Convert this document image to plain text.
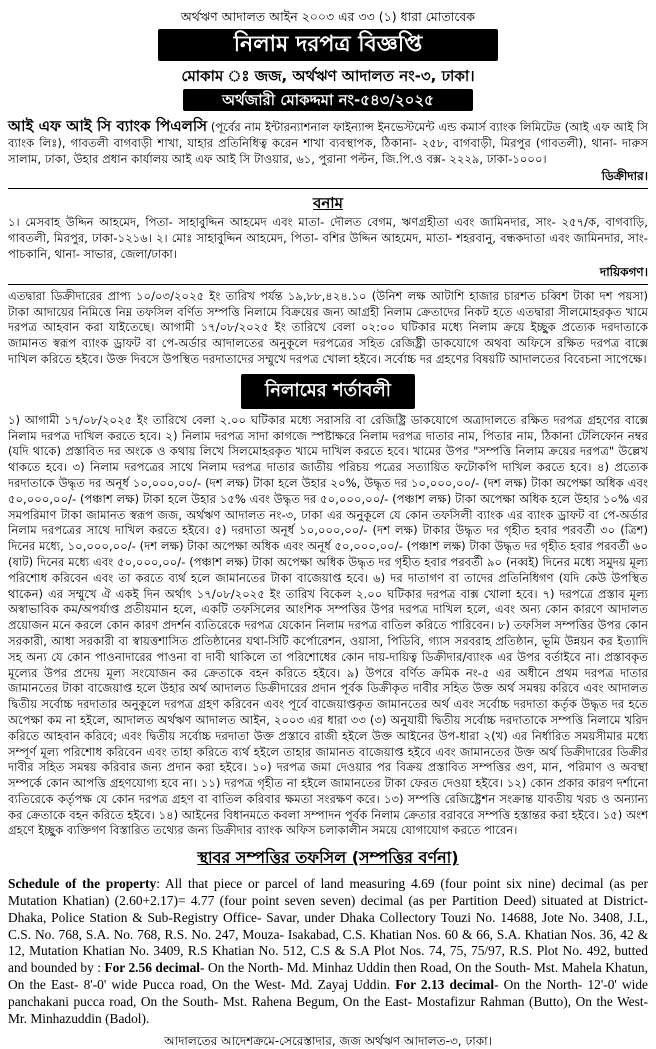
অর্থঋণ আদালত আইন ২০০৩ এর ৩৩ (১) ধারা মোতাবেক
নিলাম দরপত্র বিজ্ঞপ্তি
মোকাম ঃ জজ, অর্থঋণ আদালত নং-৩, ঢাকা।
অর্থজারী মোকদ্দমা নং-৫৪৩/২০২৫

আই এফ আই সি ব্যাংক পিএলসি (পূর্বের নাম ইন্টারন্যাশনাল ফাইন্যান্স ইনভেস্টমেন্ট এন্ড কমার্স ব্যাংক লিমিটেড (আই এফ আই সি ব্যাংক লিঃ), গাবতলী বাগবাড়ী শাখা, যাহার প্রতিনিধিত্ব করেন শাখা ব্যবস্থাপক, ঠিকানা- ২৫৮, বাগবাড়ী, মিরপুর (গাবতলী), থানা- দারুস সালাম, ঢাকা, উহার প্রধান কার্যালয় আই এফ আই সি টাওয়ার, ৬১, পুরানা পল্টন, জি.পি.ও বক্স- ২২২৯, ঢাকা-১০০০।

ডিক্রীদার।
বনাম

১। মেসবাহ উদ্দিন আহমেদ, পিতা- সাহাবুদ্দিন আহমেদ এবং মাতা- দৌলত বেগম, ঋণগ্রহীতা এবং জামিনদার, সাং- ২৫৭/ক, বাগবাড়ি, গাবতলী, মিরপুর, ঢাকা-১২১৬। ২। মোঃ সাহাবুদ্দিন আহমেদ, পিতা- বশির উদ্দিন আহমেদ, মাতা- শহরবানু, বন্ধকদাতা এবং জামিনদার, সাং- পাচকানি, থানা- সাভার, জেলা/ঢাকা।

দায়িকগণ।

এতদ্বারা ডিক্রীদারের প্রাপ্য ১০/০৩/২০২৫ ইং তারিখ পর্যন্ত ১৯,৮৮,৪২৪.১০ (উনিশ লক্ষ আটাশি হাজার চারশত চব্বিশ টাকা দশ পয়সা) টাকা আদায়ের নিমিত্তে নিম্ন তফসিল বর্ণিত সম্পত্তি নিলামে বিক্রয়ের জন্য আগ্রহী নিলাম ক্রেতাদের নিকট হতে এতদ্বারা সীলমোহরকৃত খামে দরপত্র আহবান করা যাইতেছে। আগামী ১৭/০৮/২০২৫ ইং তারিখে বেলা ০২:০০ ঘটিকার মধ্যে নিলাম ক্রয়ে ইচ্ছুক প্রত্যেক দরদাতাকে জামানত স্বরূপ ব্যাংক ড্রাফট বা পে-অর্ডার আদালতের অনুকূলে দরপত্রের সহিত রেজিষ্ট্রী ডাকযোগে অথবা অফিসে রক্ষিত দরপত্র বাক্সে দাখিল করিতে হইবে। উক্ত দিবসে উপস্থিত দরদাতাদের সম্মুখে দরপত্র খোলা হইবে। সর্বোচ্চ দর গ্রহণের বিষয়টি আদালতের বিবেচনা সাপেক্ষে।

নিলামের শর্তাবলী

১) আগামী ১৭/০৮/২০২৫ ইং তারিখে বেলা ২.০০ ঘটিকার মধ্যে সরাসরি বা রেজিষ্ট্রি ডাকযোগে অত্রাদালতে রক্ষিত দরপত্র গ্রহণের বাক্সে নিলাম দরপত্র দাখিল করতে হবে। ২) নিলাম দরপত্র সাদা কাগজে স্পষ্টাক্ষরে নিলাম দরপত্র দাতার নাম, পিতার নাম, ঠিকানা টেলিফোন নম্বর (যদি থাকে) প্রস্তাবিত দর অংকে ও কথায় লিখে সিলমোহরকৃত খামে দাখিল করতে হবে। খামের উপর "সম্পত্তি নিলাম ক্রয়ের দরপত্র" উল্লেখ থাকতে হবে। ৩) নিলাম দরপত্রের সাথে নিলাম দরপত্র দাতার জাতীয় পরিচয় পত্রের সত্যায়িত ফটোকপি দাখিল করতে হবে। ৪) প্রত্যেক দরদাতাকে উদ্ধৃত দর অনূর্ধ ১০,০০০,০০/- (দশ লক্ষ) টাকা হলে উহার ২০%, উদ্ধৃত দর ১০,০০০,০০/- (দশ লক্ষ) টাকা অপেক্ষা অধিক এবং ৫০,০০০,০০/- (পঞ্চাশ লক্ষ) টাকা হলে উহার ১৫% এবং উদ্ধৃত দর ৫০,০০০,০০/- (পঞ্চাশ লক্ষ) টাকা অপেক্ষা অধিক হলে উহার ১০% এর সমপরিমাণ টাকা জামানত স্বরূপ জজ, অর্থঋণ আদালত নং-৩, ঢাকা এর অনুকূলে যে কোন তফসিলী ব্যাংক এর ব্যাংক ড্রাফট বা পে-অর্ডার নিলাম দরপত্রের সাথে দাখিল করতে হইবে। ৫) দরদাতা অনূর্ধ ১০,০০০,০০/- (দশ লক্ষ) টাকার উদ্ধৃত দর গৃহীত হবার পরবর্তী ৩০ (ত্রিশ) দিনের মধ্যে, ১০,০০০,০০/- (দশ লক্ষ) টাকা অপেক্ষা অধিক এবং অনূর্ধ ৫০,০০০,০০/- (পঞ্চাশ লক্ষ) টাকা উদ্ধৃত দর গৃহীত হবার পরবর্তী ৬০ (ষাট) দিনের মধ্যে এবং ৫০,০০০,০০/- (পঞ্চাশ লক্ষ) টাকা অপেক্ষা অধিক উদ্ধৃত দর গৃহীত হবার পরবর্তী ৯০ (নব্বই) দিনের মধ্যে সমুদয় মূল্য পরিশোধ করিবেন এবং তা করতে ব্যর্থ হলে জামানতের টাকা বাজেয়াপ্ত হবে। ৬) দর দাতাগণ বা তাদের প্রতিনিধিগণ (যদি কেউ উপস্থিত থাকেন) এর সম্মুখে ঐ একই দিন অর্থাৎ ১৭/০৮/২০২৫ ইং তারিখ বিকেল ২.০০ ঘটিকার দরপত্র বাক্স খোলা হবে। ৭) দরপত্রে প্রস্তাব মূল্য অস্বাভাবিক কম/অপর্যাপ্ত প্রতীয়মান হলে, একটি তফসিলের আংশিক সম্পত্তির উপর দরপত্র দাখিল হলে, এবং অন্য কোন কারণে আদালত প্রয়োজন মনে করলে কোন কারণ প্রদর্শন ব্যতিরেকে দরপত্র যেকোন নিলাম দরপত্র বাতিল করিতে পারিবেন। ৮) তফসিল সম্পত্তির উপর কোন সরকারী, আধা সরকারী বা স্বায়ত্তশাসিত প্রতিষ্ঠানের যথা-সিটি কর্পোরেশন, ওয়াসা, পিডিবি, গ্যাস সরবরাহ প্রতিষ্ঠান, ভূমি উন্নয়ন কর ইত্যাদি সহ অন্য যে কোন পাওনাদারের পাওনা বা দাবী থাকিলে তা পরিশোধের কোন দায়-দায়িত্ব ডিক্রীদার/ব্যাংক এর উপর বর্তাইবে না। প্রস্তাবকৃত মূল্যের উপর প্রদেয় মূল্য সংযোজন কর ক্রেতাকে বহন করিতে হইবে। ৯) উপরে বর্ণিত ক্রমিক নং-৫ এর অধীনে প্রথম দরপত্র দাতার জামানতের টাকা বাজেয়াপ্ত হলে উহার অর্থ আদালত ডিক্রীদারের প্রদান পূর্বক ডিক্রীকৃত দাবীর সহিত উক্ত অর্থ সমন্বয় করিবে এবং আদালত দ্বিতীয় সর্বোচ্চ দরদাতার অনুকূলে দরপত্র গ্রহণ করিবেন এবং পূর্বে বাজেয়াপ্তকৃত জামানতের অর্থ এবং সর্বোচ্চ দরদাতা কর্তৃক উদ্ধৃত দর হতে অপেক্ষা কম না হইলে, আদালত অর্থঋণ আদালত আইন, ২০০৩ এর ধারা ৩৩ (৩) অনুযায়ী দ্বিতীয় সর্বোচ্চ দরদাতাকে সম্পত্তি নিলামে খরিদ করিতে আহবান করিবে; এবং দ্বিতীয় সর্বোচ্চ দরদাতা উক্ত প্রস্তাবে রাজী হইলে উক্ত আইনের উপ-ধারা ২(খ) এর নির্ধারিত সময়সীমার মধ্যে সম্পূর্ণ মূল্য পরিশোধ করিবেন এবং তাহা করিতে ব্যর্থ হইলে তাহার জামানত বাজেয়াপ্ত হইবে এবং জামানতের উক্ত অর্থ ডিক্রীদারের ডিক্রীর দাবীর সহিত সমন্বয় করিবার জন্য প্রদান করা হইবে। ১০) দরপত্র জমা দেওয়ার পর বিক্রয় প্রস্তাবিত সম্পত্তির গুণ, মান, পরিমাণ ও অবস্থা সম্পর্কে কোন আপত্তি গ্রহণযোগ্য হবে না। ১১) দরপত্র গৃহীত না হইলে জামানতের টাকা ফেরত দেওয়া হইবে। ১২) কোন প্রকার কারণ দর্শানো ব্যতিরেকে কর্তৃপক্ষ যে কোন দরপত্র গ্রহণ বা বাতিল করিবার ক্ষমতা সংরক্ষণ করে। ১৩) সম্পত্তি রেজিষ্ট্রেশন সংক্রান্ত যাবতীয় খরচ ও অন্যান্য কর ক্রেতাকে বহন করিতে হইবে। ১৪) আইনের বিধানমতে কবলা সম্পাদন পূর্বক নিলাম ক্রেতার বরাবরে সম্পত্তি হস্তান্তর করা হইবে। ১৫) অংশ গ্রহণে ইচ্ছুক ব্যক্তিগণ বিস্তারিত তথ্যের জন্য ডিক্রীদার ব্যাংক অফিস চলাকালীন সময়ে যোগাযোগ করতে পারেন।

স্থাবর সম্পত্তির তফসিল (সম্পত্তির বর্ণনা)

Schedule of the property: All that piece or parcel of land measuring 4.69 (four point six nine) decimal (as per Mutation Khatian) (2.60+2.17)= 4.77 (four point seven seven) decimal (as per Partition Deed) situated at District-Dhaka, Police Station & Sub-Registry Office- Savar, under Dhaka Collectory Touzi No. 14688, Jote No. 3408, J.L, C.S. No. 768, S.A. No. 768, R.S. No. 247, Mouza- Isakabad, C.S. Khatian Nos. 60 & 66, S.A. Khatian Nos. 36, 42 & 12, Mutation Khatian No. 3409, R.S Khatian No. 512, C.S & S.A Plot Nos. 74, 75, 75/97, R.S. Plot No. 492, butted and bounded by : For 2.56 decimal- On the North- Md. Minhaz Uddin then Road, On the South- Mst. Mahela Khatun, On the East- 8'-0' wide Pucca road, On the West- Md. Zayaj Uddin. For 2.13 decimal- On the North- 12'-0' wide panchakani pucca road, On the South- Mst. Rahena Begum, On the East- Mostafizur Rahman (Butto), On the West- Mr. Minhazuddin (Badol).

আদালতের আদেশক্রমে-সেরেস্তাদার, জজ অর্থঋণ আদালত-৩, ঢাকা।
